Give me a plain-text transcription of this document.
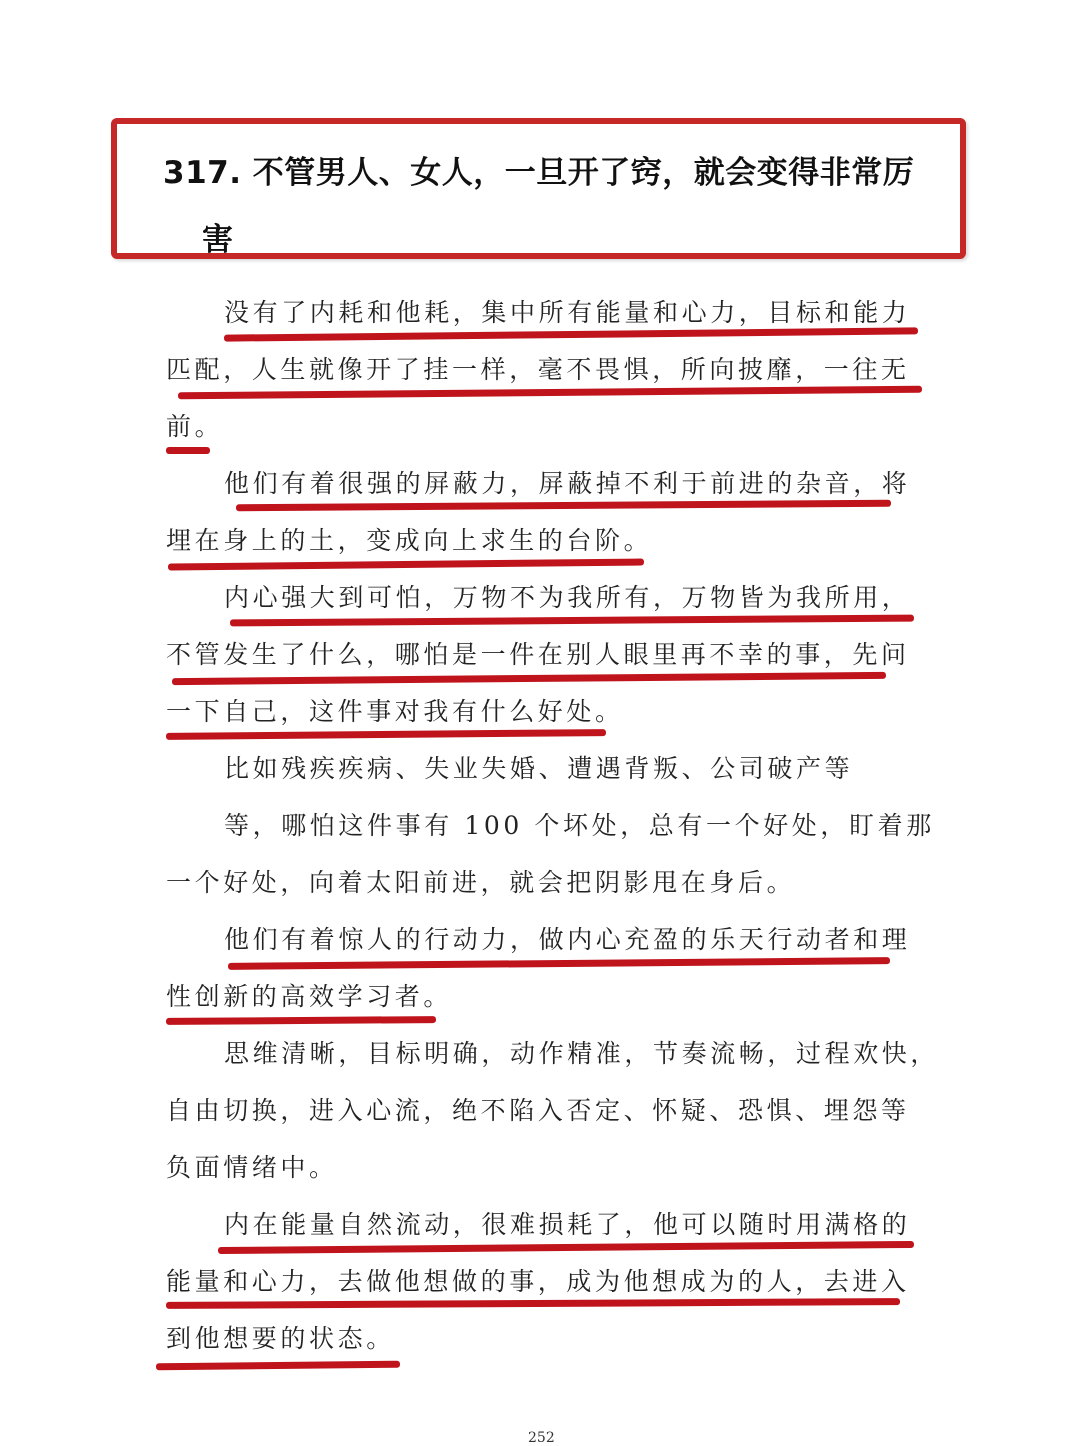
317. 不管男人、女人，一旦开了窍，就会变得非常厉
害
没有了内耗和他耗，集中所有能量和心力，目标和能力
匹配，人生就像开了挂一样，毫不畏惧，所向披靡，一往无
前。
他们有着很强的屏蔽力，屏蔽掉不利于前进的杂音，将
埋在身上的土，变成向上求生的台阶。
内心强大到可怕，万物不为我所有，万物皆为我所用，
不管发生了什么，哪怕是一件在别人眼里再不幸的事，先问
一下自己，这件事对我有什么好处。
比如残疾疾病、失业失婚、遭遇背叛、公司破产等
等，哪怕这件事有 100 个坏处，总有一个好处，盯着那
一个好处，向着太阳前进，就会把阴影甩在身后。
他们有着惊人的行动力，做内心充盈的乐天行动者和理
性创新的高效学习者。
思维清晰，目标明确，动作精准，节奏流畅，过程欢快，
自由切换，进入心流，绝不陷入否定、怀疑、恐惧、埋怨等
负面情绪中。
内在能量自然流动，很难损耗了，他可以随时用满格的
能量和心力，去做他想做的事，成为他想成为的人，去进入
到他想要的状态。
252
